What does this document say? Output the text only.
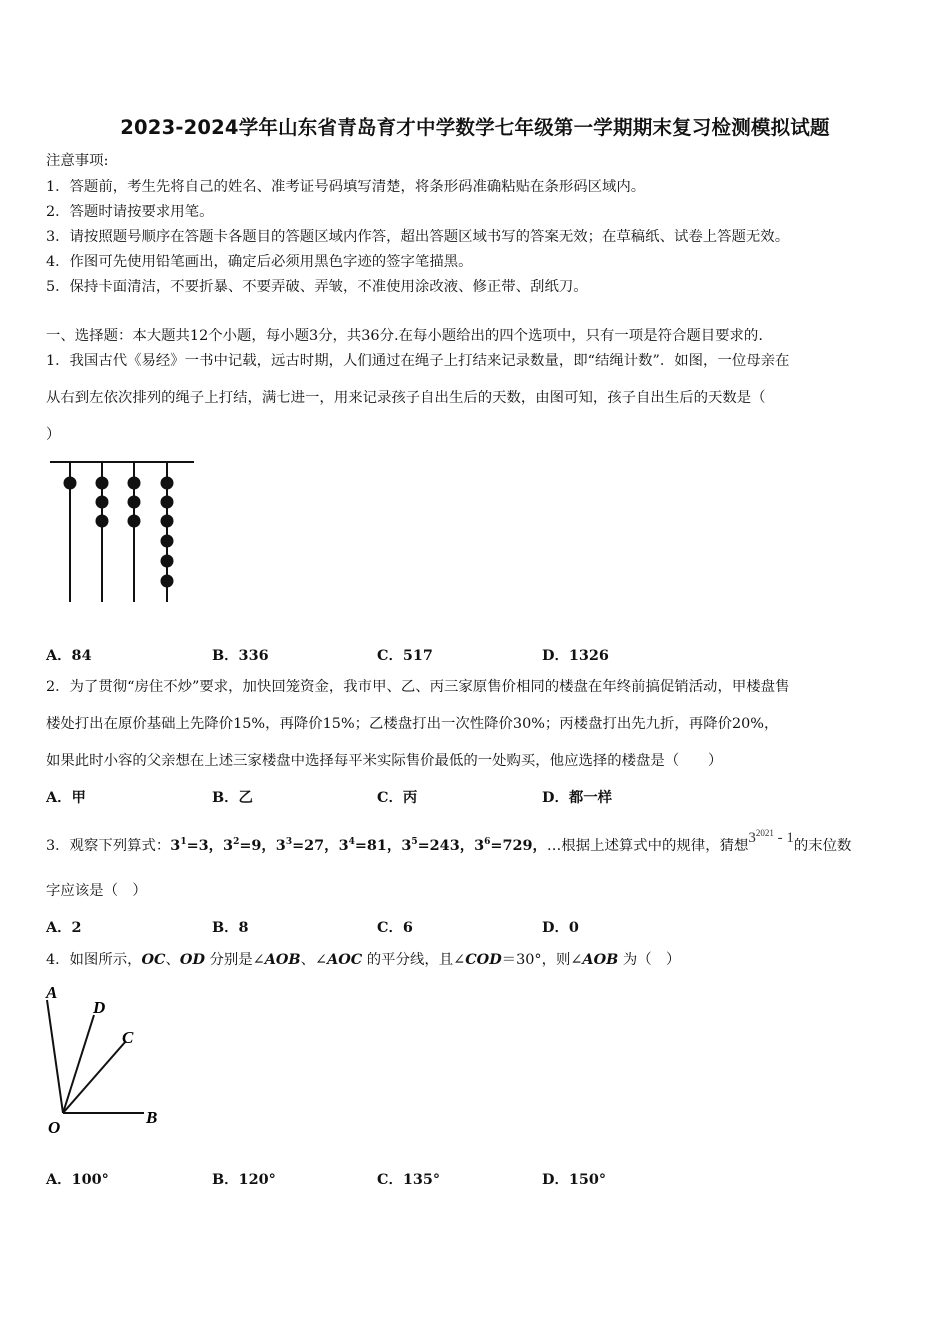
2023-2024学年山东省青岛育才中学数学七年级第一学期期末复习检测模拟试题
注意事项:
1．答题前，考生先将自己的姓名、准考证号码填写清楚，将条形码准确粘贴在条形码区域内。
2．答题时请按要求用笔。
3．请按照题号顺序在答题卡各题目的答题区域内作答，超出答题区域书写的答案无效；在草稿纸、试卷上答题无效。
4．作图可先使用铅笔画出，确定后必须用黑色字迹的签字笔描黑。
5．保持卡面清洁，不要折暴、不要弄破、弄皱，不准使用涂改液、修正带、刮纸刀。
一、选择题：本大题共12个小题，每小题3分，共36分.在每小题给出的四个选项中，只有一项是符合题目要求的.
1．我国古代《易经》一书中记载，远古时期，人们通过在绳子上打结来记录数量，即“结绳计数”．如图，一位母亲在
从右到左依次排列的绳子上打结，满七进一，用来记录孩子自出生后的天数，由图可知，孩子自出生后的天数是（
）
A．84	B．336	C．517	D．1326
2．为了贯彻“房住不炒”要求，加快回笼资金，我市甲、乙、丙三家原售价相同的楼盘在年终前搞促销活动，甲楼盘售
楼处打出在原价基础上先降价15%，再降价15%；乙楼盘打出一次性降价30%；丙楼盘打出先九折，再降价20%，
如果此时小容的父亲想在上述三家楼盘中选择每平米实际售价最低的一处购买，他应选择的楼盘是（　　）
A．甲	B．乙	C．丙	D．都一样
3．观察下列算式：$3^1=3$，$3^2=9$，$3^3=27$，$3^4=81$，$3^5=243$，$3^6=729$，…根据上述算式中的规律，猜想$3^{2021} - 1$的末位数
字应该是（　）
A．2	B．8	C．6	D．0
4．如图所示，OC、OD 分别是∠AOB、∠AOC 的平分线，且∠COD＝30°，则∠AOB 为（　）
A
D
C
B
O
A．100°	B．120°	C．135°	D．150°
